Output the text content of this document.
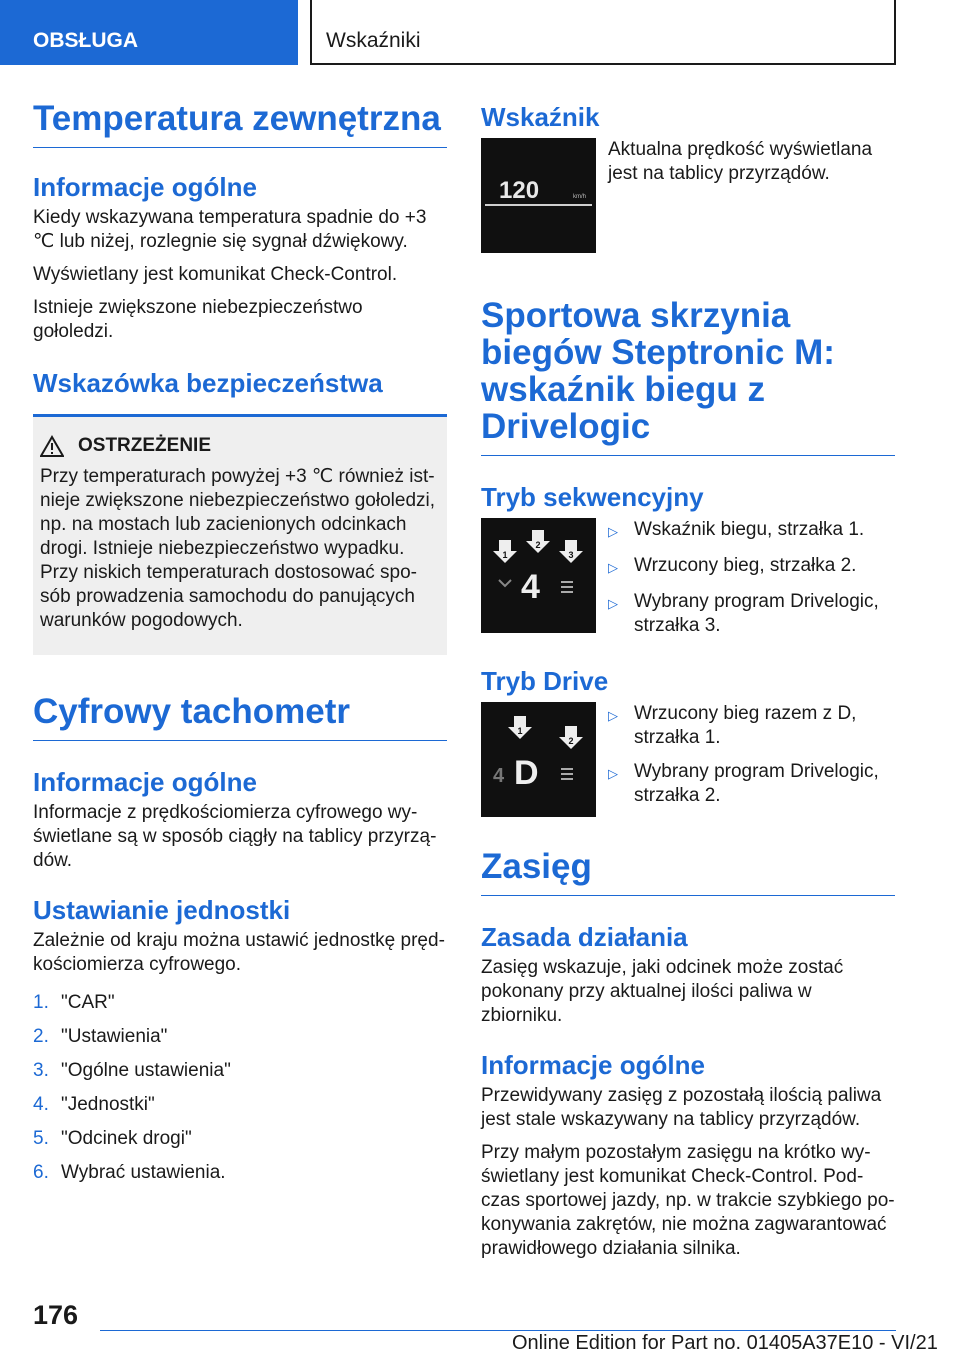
OBSŁUGA	Wskaźniki
Temperatura zewnętrzna
Informacje ogólne

Kiedy wskazywana temperatura spadnie do +3 ℃ lub niżej, rozlegnie się sygnał dźwiękowy.

Wyświetlany jest komunikat Check-Control.

Istnieje zwiększone niebezpieczeństwo gołoledzi.

Wskazówka bezpieczeństwa
OSTRZEŻENIE

Przy temperaturach powyżej +3 ℃ również istnieje zwiększone niebezpieczeństwo gołoledzi, np. na mostach lub zacienionych odcinkach drogi. Istnieje niebezpieczeństwo wypadku. Przy niskich temperaturach dostosować sposób prowadzenia samochodu do panujących warunków pogodowych.

Cyfrowy tachometr
Informacje ogólne

Informacje z prędkościomierza cyfrowego wyświetlane są w sposób ciągły na tablicy przyrządów.

Ustawianie jednostki

Zależnie od kraju można ustawić jednostkę prędkościomierza cyfrowego.

1. "CAR"
2. "Ustawienia"
3. "Ogólne ustawienia"
4. "Jednostki"
5. "Odcinek drogi"
6. Wybrać ustawienia.
Wskaźnik
120	km/h

Aktualna prędkość wyświetlana jest na tablicy przyrządów.

Sportowa skrzynia biegów Steptronic M: wskaźnik biegu z Drivelogic
Tryb sekwencyjny
1
2
3
4
▷ Wskaźnik biegu, strzałka 1.
▷ Wrzucony bieg, strzałka 2.
▷ Wybrany program Drivelogic, strzałka 3.
Tryb Drive
1
2
4 D
▷ Wrzucony bieg razem z D, strzałka 1.
▷ Wybrany program Drivelogic, strzałka 2.
Zasięg
Zasada działania

Zasięg wskazuje, jaki odcinek może zostać pokonany przy aktualnej ilości paliwa w zbiorniku.

Informacje ogólne

Przewidywany zasięg z pozostałą ilością paliwa jest stale wskazywany na tablicy przyrządów.

Przy małym pozostałym zasięgu na krótko wyświetlany jest komunikat Check-Control. Podczas sportowej jazdy, np. w trakcie szybkiego pokonywania zakrętów, nie można zagwarantować prawidłowego działania silnika.

176
Online Edition for Part no. 01405A37E10 - VI/21
